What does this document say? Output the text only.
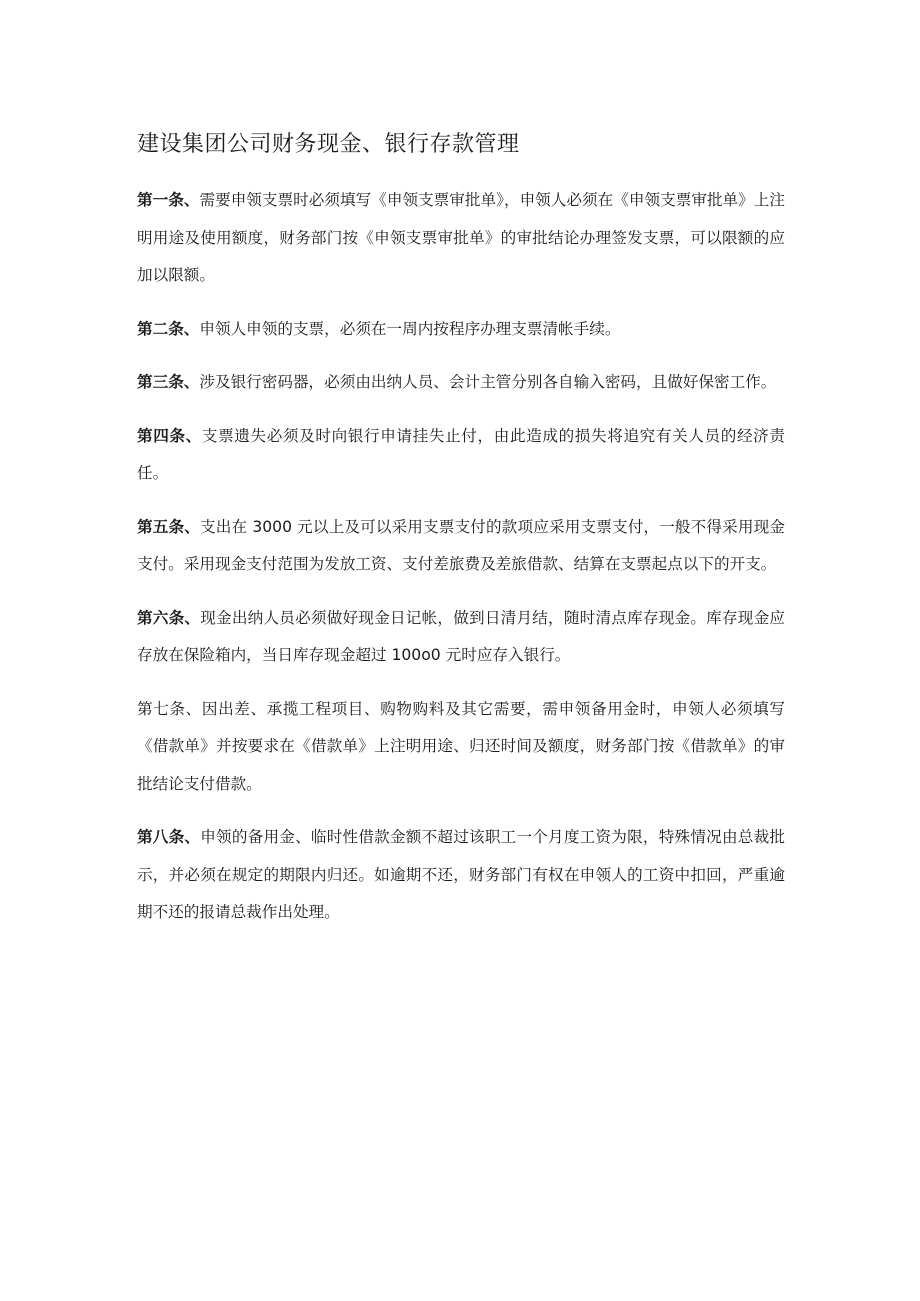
建设集团公司财务现金、银行存款管理

第一条、需要申领支票时必须填写《申领支票审批单》，申领人必须在《申领支票审批单》上注明用途及使用额度，财务部门按《申领支票审批单》的审批结论办理签发支票，可以限额的应加以限额。

第二条、申领人申领的支票，必须在一周内按程序办理支票清帐手续。

第三条、涉及银行密码器，必须由出纳人员、会计主管分别各自输入密码，且做好保密工作。

第四条、支票遗失必须及时向银行申请挂失止付，由此造成的损失将追究有关人员的经济责任。

第五条、支出在 3000 元以上及可以采用支票支付的款项应采用支票支付，一般不得采用现金支付。采用现金支付范围为发放工资、支付差旅费及差旅借款、结算在支票起点以下的开支。

第六条、现金出纳人员必须做好现金日记帐，做到日清月结，随时清点库存现金。库存现金应存放在保险箱内，当日库存现金超过 100o0 元时应存入银行。

第七条、因出差、承揽工程项目、购物购料及其它需要，需申领备用金时，申领人必须填写《借款单》并按要求在《借款单》上注明用途、归还时间及额度，财务部门按《借款单》的审批结论支付借款。

第八条、申领的备用金、临时性借款金额不超过该职工一个月度工资为限，特殊情况由总裁批示，并必须在规定的期限内归还。如逾期不还，财务部门有权在申领人的工资中扣回，严重逾期不还的报请总裁作出处理。
